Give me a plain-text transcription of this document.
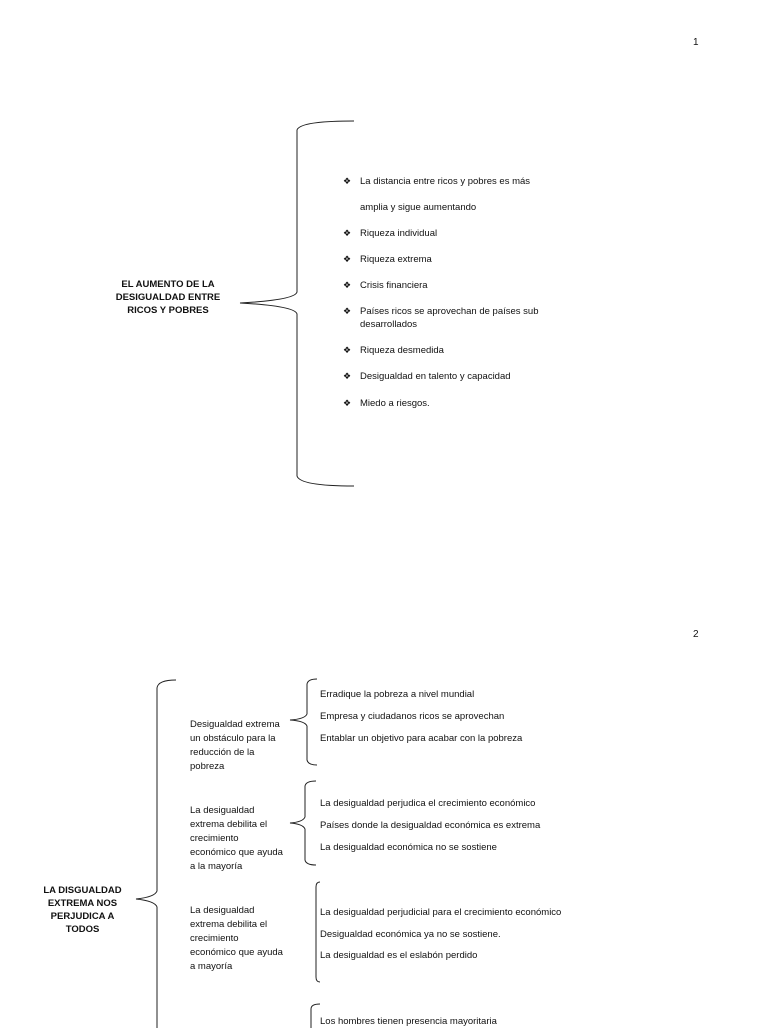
1
EL AUMENTO DE LA
DESIGUALDAD ENTRE
RICOS Y POBRES
❖ La distancia entre ricos y pobres es más
amplia y sigue aumentando
❖ Riqueza individual
❖ Riqueza extrema
❖ Crisis financiera
❖ Países ricos se aprovechan de países sub
desarrollados
❖ Riqueza desmedida
❖ Desigualdad en talento y capacidad
❖ Miedo a riesgos.
2
LA DISGUALDAD
EXTREMA NOS
PERJUDICA A
TODOS
Desigualdad extrema
un obstáculo para la
reducción de la
pobreza
Erradique la pobreza a nivel mundial
Empresa y ciudadanos ricos se aprovechan
Entablar un objetivo para acabar con la pobreza
La desigualdad
extrema debilita el
crecimiento
económico que ayuda
a la mayoría
La desigualdad perjudica el crecimiento económico
Países donde la desigualdad económica es extrema
La desigualdad económica no se sostiene
La desigualdad
extrema debilita el
crecimiento
económico que ayuda
a mayoría
La desigualdad perjudicial para el crecimiento económico
Desigualdad económica ya no se sostiene.
La desigualdad es el eslabón perdido
Los hombres tienen presencia mayoritaria
